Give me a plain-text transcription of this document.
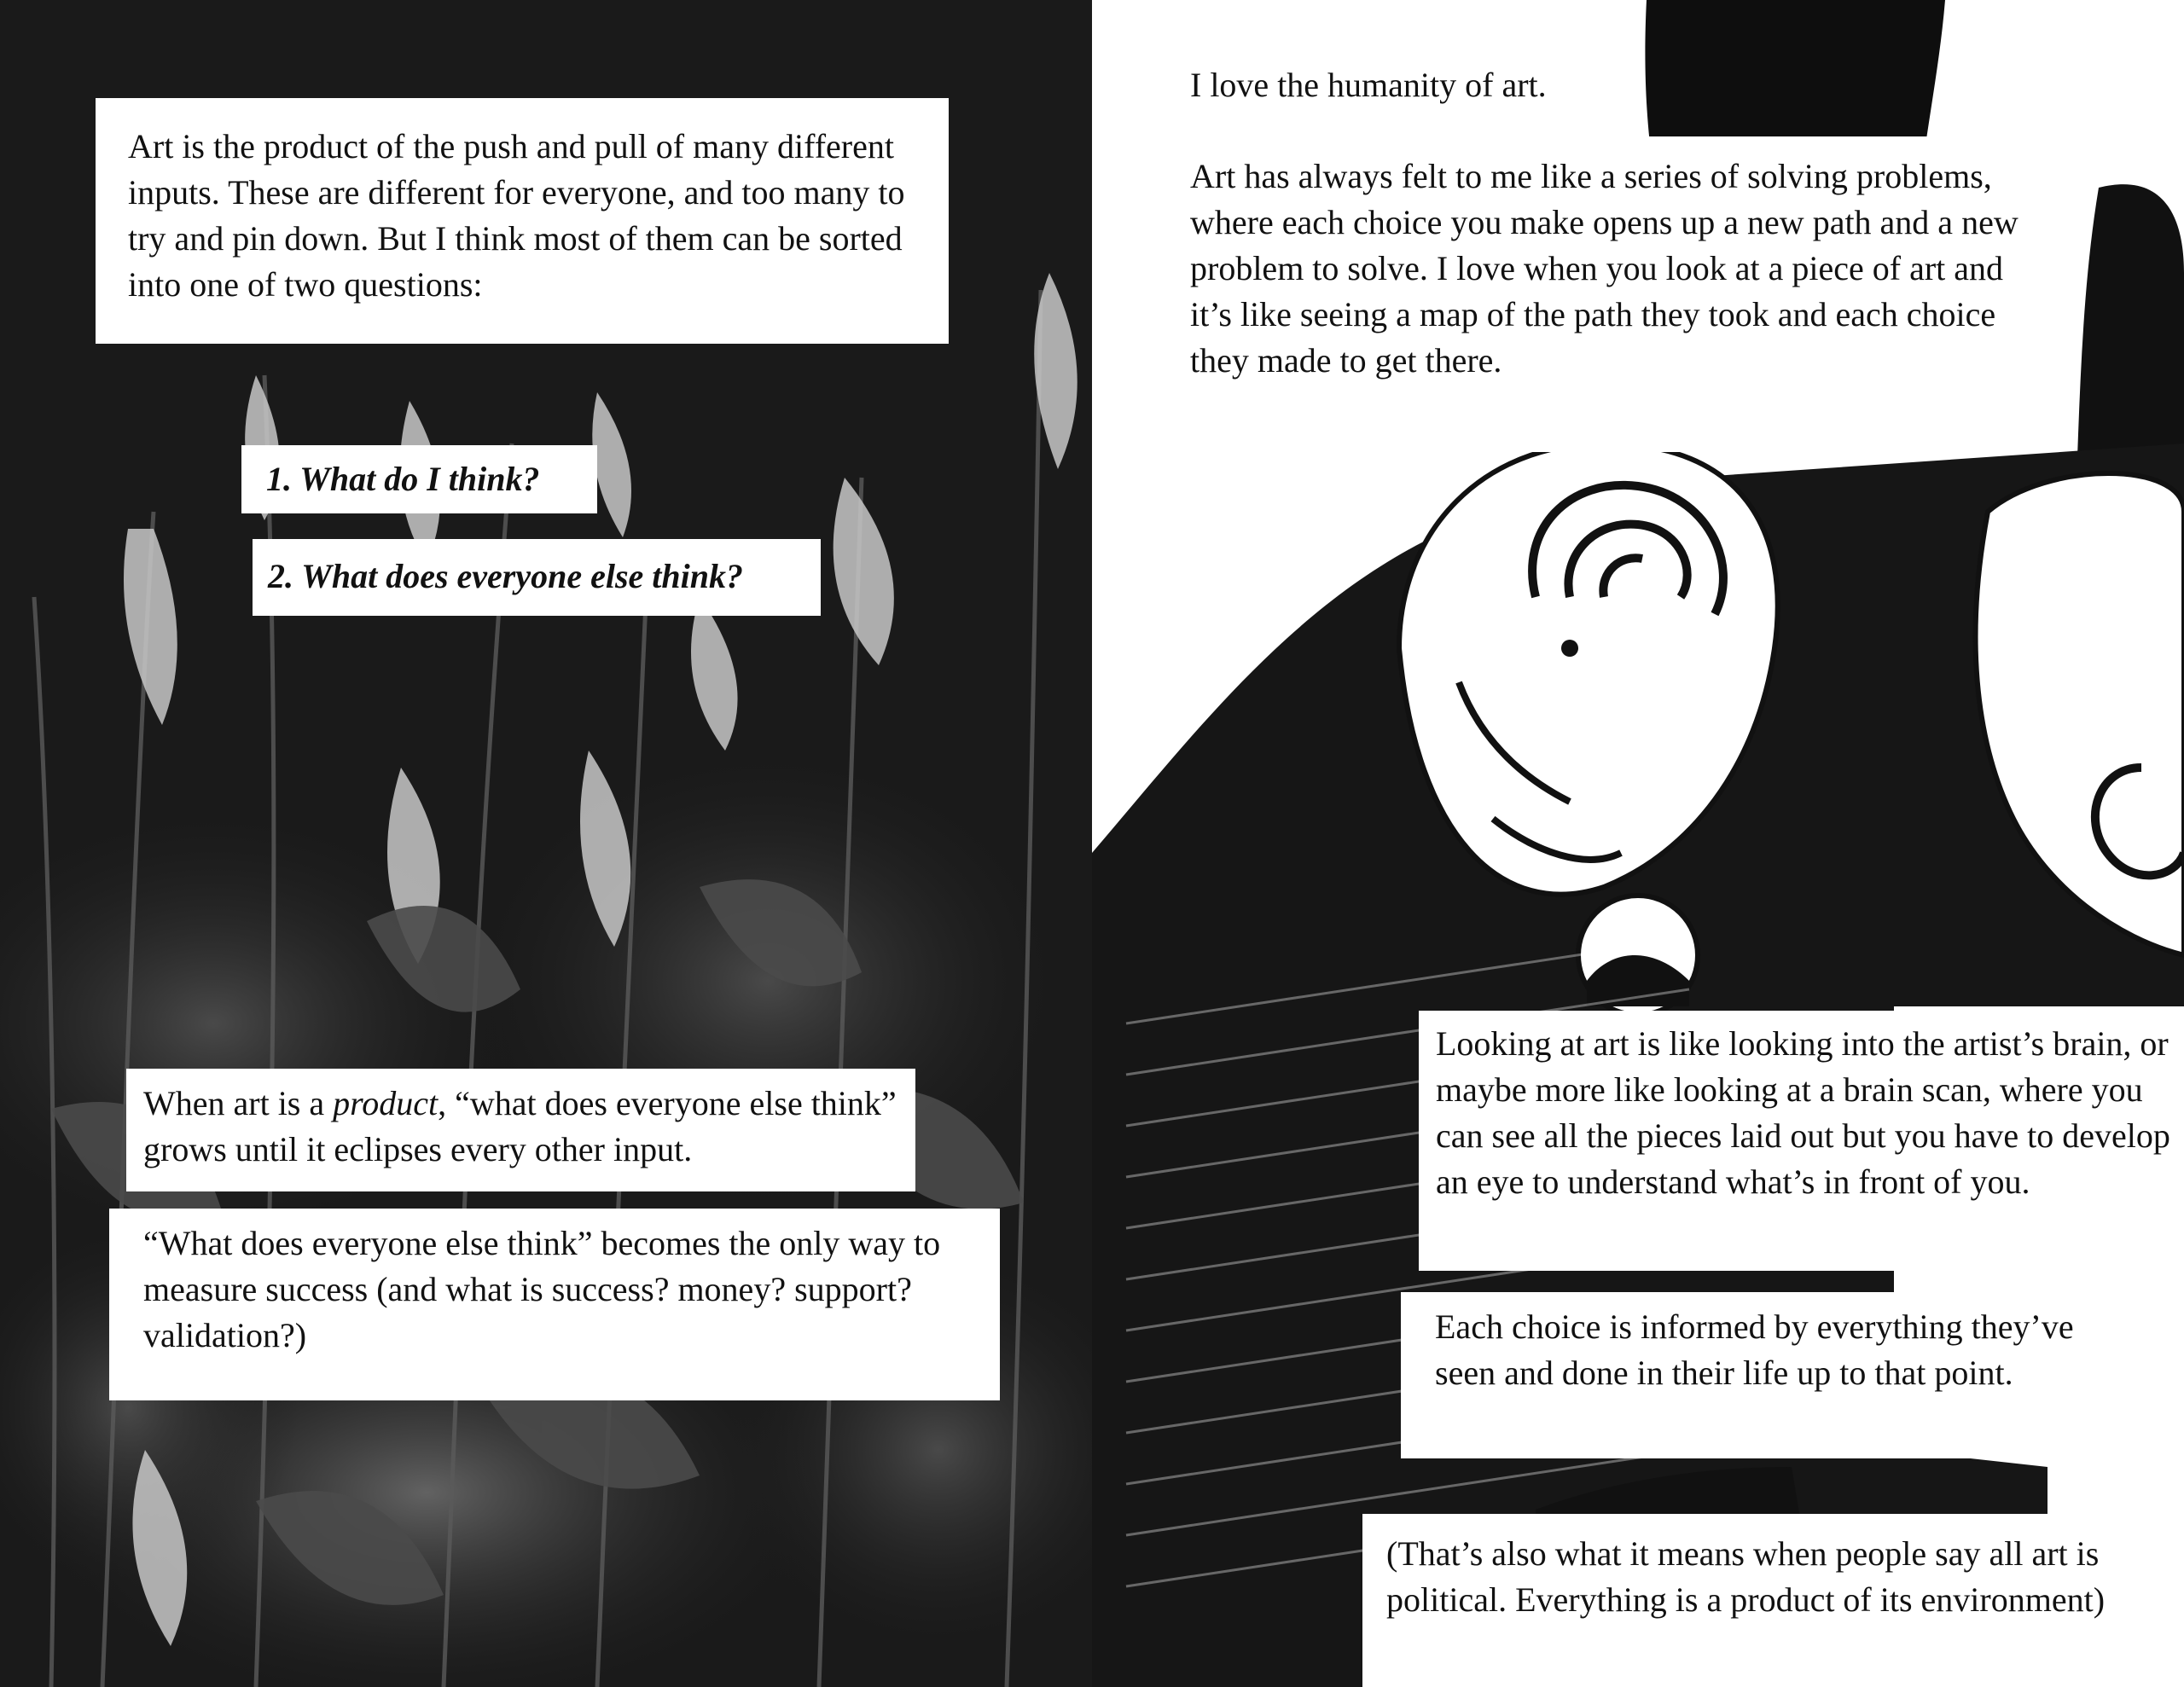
Art is the product of the push and pull of many different inputs. These are different for everyone, and too many to try and pin down. But I think most of them can be sorted into one of two questions:

1. What do I think?
2. What does everyone else think?

When art is a product, “what does everyone else think” grows until it eclipses every other input.

“What does everyone else think” becomes the only way to measure success (and what is success? money? support? validation?)

I love the humanity of art.

Art has always felt to me like a series of solving problems, where each choice you make opens up a new path and a new problem to solve. I love when you look at a piece of art and it’s like seeing a map of the path they took and each choice they made to get there.

Looking at art is like looking into the artist’s brain, or maybe more like looking at a brain scan, where you can see all the pieces laid out but you have to develop an eye to understand what’s in front of you.

Each choice is informed by everything they’ve seen and done in their life up to that point.

(That’s also what it means when people say all art is political. Everything is a product of its environment)
